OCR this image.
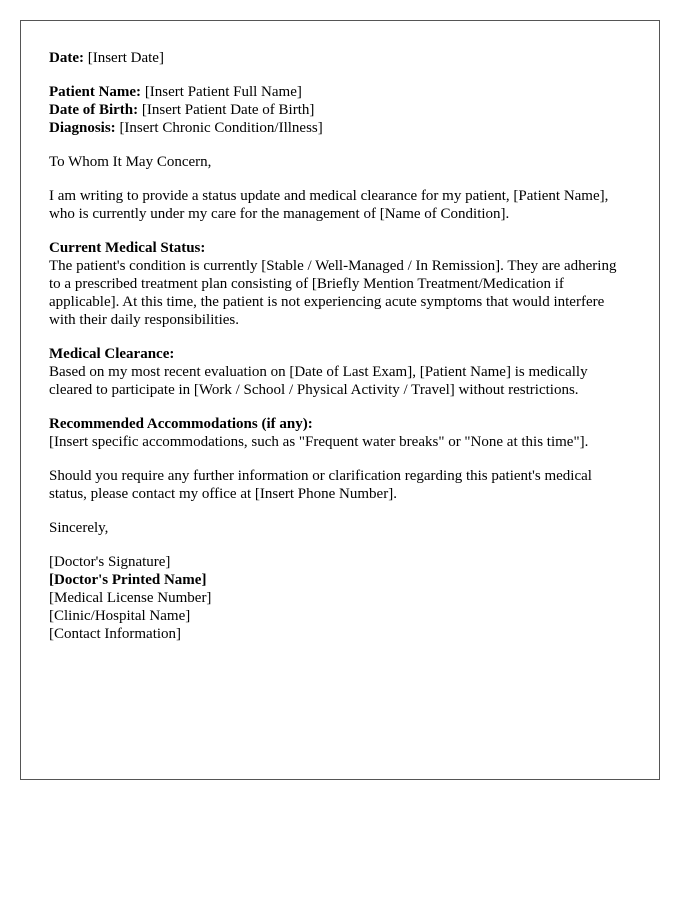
Date: [Insert Date]
Patient Name: [Insert Patient Full Name]
Date of Birth: [Insert Patient Date of Birth]
Diagnosis: [Insert Chronic Condition/Illness]

To Whom It May Concern,

I am writing to provide a status update and medical clearance for my patient, [Patient Name], who is currently under my care for the management of [Name of Condition].

Current Medical Status:
The patient's condition is currently [Stable / Well-Managed / In Remission]. They are adhering to a prescribed treatment plan consisting of [Briefly Mention Treatment/Medication if applicable]. At this time, the patient is not experiencing acute symptoms that would interfere with their daily responsibilities.
Medical Clearance:
Based on my most recent evaluation on [Date of Last Exam], [Patient Name] is medically cleared to participate in [Work / School / Physical Activity / Travel] without restrictions.
Recommended Accommodations (if any):
[Insert specific accommodations, such as "Frequent water breaks" or "None at this time"].

Should you require any further information or clarification regarding this patient's medical status, please contact my office at [Insert Phone Number].

Sincerely,

[Doctor's Signature]
[Doctor's Printed Name]
[Medical License Number]
[Clinic/Hospital Name]
[Contact Information]
